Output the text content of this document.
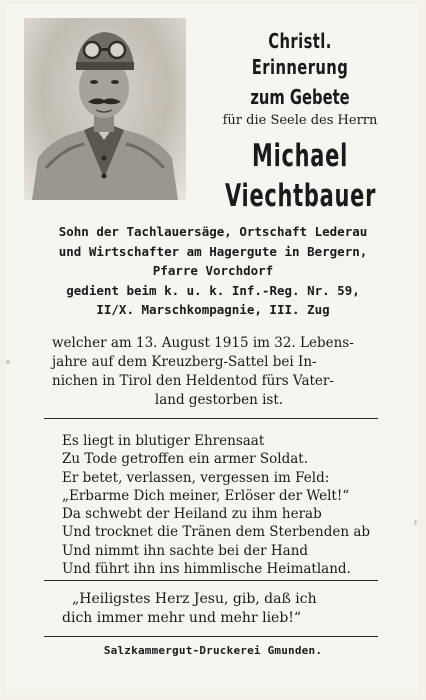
Christl. Erinnerung
zum Gebete
für die Seele des Herrn
Michael
Viechtbauer
Sohn der Tachlauersäge, Ortschaft Lederau
und Wirtschafter am Hagergute in Bergern,
Pfarre Vorchdorf
gedient beim k. u. k. Inf.-Reg. Nr. 59,
II/X. Marschkompagnie, III. Zug
welcher am 13. August 1915 im 32. Lebens-
jahre auf dem Kreuzberg-Sattel bei In-
nichen in Tirol den Heldentod fürs Vater-
land gestorben ist.
Es liegt in blutiger Ehrensaat
Zu Tode getroffen ein armer Soldat.
Er betet, verlassen, vergessen im Feld:
„Erbarme Dich meiner, Erlöser der Welt!“
Da schwebt der Heiland zu ihm herab
Und trocknet die Tränen dem Sterbenden ab
Und nimmt ihn sachte bei der Hand
Und führt ihn ins himmlische Heimatland.
„Heiligstes Herz Jesu, gib, daß ich
dich immer mehr und mehr lieb!“
Salzkammergut-Druckerei Gmunden.
